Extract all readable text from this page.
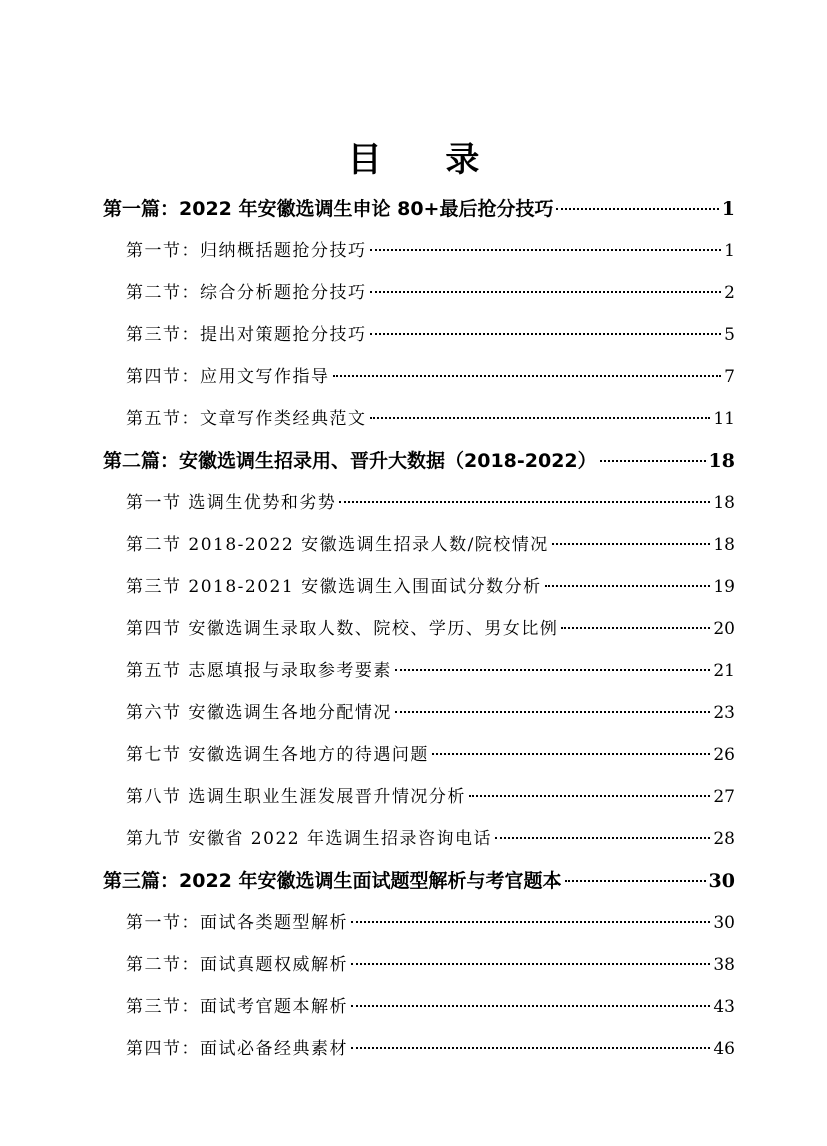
目 录
第一篇：2022 年安徽选调生申论 80+最后抢分技巧	1
第一节：归纳概括题抢分技巧	1
第二节：综合分析题抢分技巧	2
第三节：提出对策题抢分技巧	5
第四节：应用文写作指导	7
第五节：文章写作类经典范文	11
第二篇：安徽选调生招录用、晋升大数据（2018-2022）	18
第一节 选调生优势和劣势	18
第二节 2018-2022 安徽选调生招录人数/院校情况	18
第三节 2018-2021 安徽选调生入围面试分数分析	19
第四节 安徽选调生录取人数、院校、学历、男女比例	20
第五节 志愿填报与录取参考要素	21
第六节 安徽选调生各地分配情况	23
第七节 安徽选调生各地方的待遇问题	26
第八节 选调生职业生涯发展晋升情况分析	27
第九节 安徽省 2022 年选调生招录咨询电话	28
第三篇：2022 年安徽选调生面试题型解析与考官题本	30
第一节：面试各类题型解析	30
第二节：面试真题权威解析	38
第三节：面试考官题本解析	43
第四节：面试必备经典素材	46
